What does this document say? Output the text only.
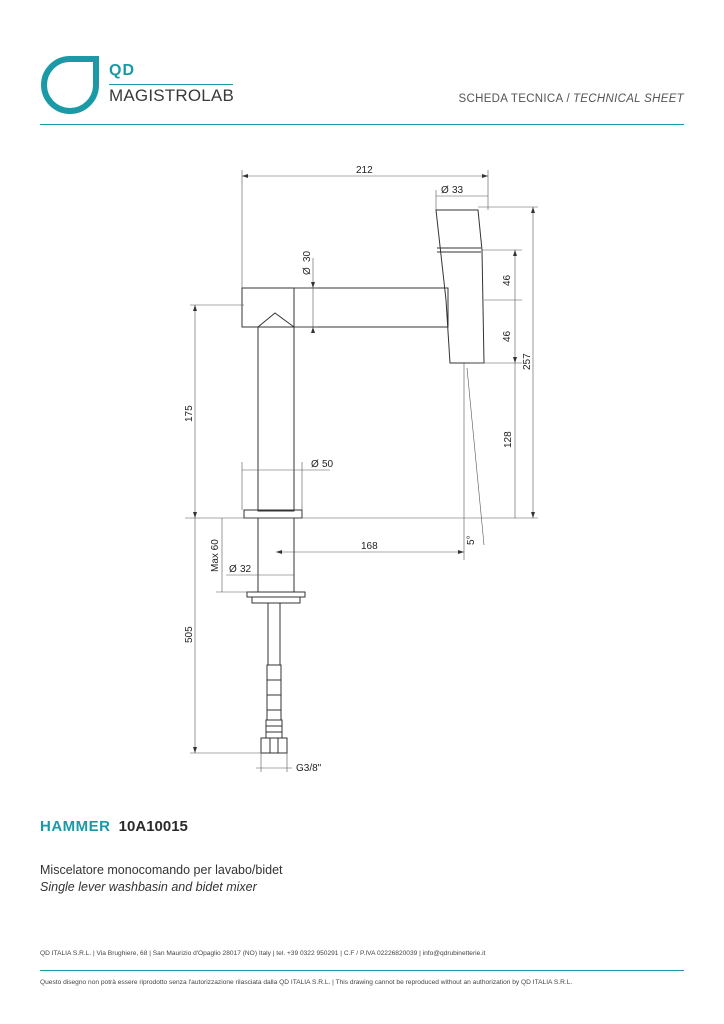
QD
MAGISTROLAB	SCHEDA TECNICA / TECHNICAL SHEET
212
Ø 33
Ø
30
46
46
257
175
Ø 50
128
168
5°
Max 60 Ø 32
505
G3/8"
HAMMER 10A10015
Miscelatore monocomando per lavabo/bidet
Single lever washbasin and bidet mixer
QD ITALIA S.R.L. | Via Brughiere, 68 | San Maurizio d'Opaglio 28017 (NO) Italy | tel. +39 0322 950291 | C.F / P.IVA 02226820039 | info@qdrubinetterie.it
Questo disegno non potrà essere riprodotto senza l'autorizzazione rilasciata dalla QD ITALIA S.R.L. | This drawing cannot be reproduced without an authorization by QD ITALIA S.R.L.
